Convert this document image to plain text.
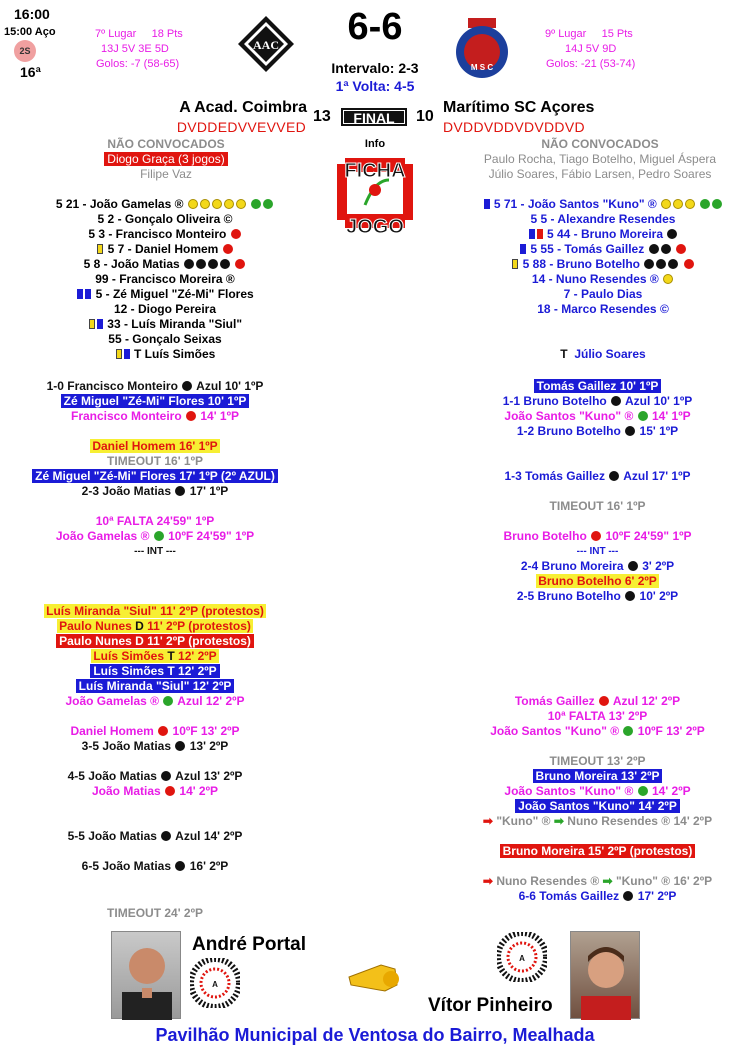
16:00
15:00 Aço
2S
16ª
7º Lugar 18 Pts
13J 5V 3E 5D
Golos: -7 (58-65)
AAC	6-6
Intervalo: 2-3
1ª Volta: 4-5
M S C
9º Lugar 15 Pts
14J 5V 9D
Golos: -21 (53-74)
A Acad. Coimbra
DVDDEDVVEVVED
13	FINAL	10
Marítimo SC Açores
DVDDVDDVDVDDVD
Info
FICHA
JOGO
NÃO CONVOCADOS
Diogo Graça (3 jogos)
Filipe Vaz
NÃO CONVOCADOS
Paulo Rocha, Tiago Botelho, Miguel Áspera
Júlio Soares, Fábio Larsen, Pedro Soares
5 21 - João Gamelas ®
5 2 - Gonçalo Oliveira ©
5 3 - Francisco Monteiro
5 7 - Daniel Homem
5 8 - João Matias
99 - Francisco Moreira ®
5 - Zé Miguel "Zé-Mi" Flores
12 - Diogo Pereira
33 - Luís Miranda "Siul"
55 - Gonçalo Seixas
T Luís Simões
5 71 - João Santos "Kuno" ®
5 5 - Alexandre Resendes
5 44 - Bruno Moreira
5 55 - Tomás Gaillez
5 88 - Bruno Botelho
14 - Nuno Resendes ®
7 - Paulo Dias
18 - Marco Resendes ©
T Júlio Soares
1-0 Francisco Monteiro Azul 10' 1ºP
Zé Miguel "Zé-Mi" Flores 10' 1ºP
Francisco Monteiro 14' 1ºP
Daniel Homem 16' 1ºP
TIMEOUT 16' 1ºP
Zé Miguel "Zé-Mi" Flores 17' 1ºP (2º AZUL)
2-3 João Matias 17' 1ºP
10ª FALTA 24'59" 1ºP
João Gamelas ® 10ºF 24'59" 1ºP
--- INT ---
Luís Miranda "Siul" 11' 2ºP (protestos)
Paulo Nunes D 11' 2ºP (protestos)
Paulo Nunes D 11' 2ºP (protestos)
Luís Simões T 12' 2ºP
Luís Simões T 12' 2ºP
Luís Miranda "Siul" 12' 2ºP
João Gamelas ® Azul 12' 2ºP
Daniel Homem 10ºF 13' 2ºP
3-5 João Matias 13' 2ºP
4-5 João Matias Azul 13' 2ºP
João Matias 14' 2ºP
5-5 João Matias Azul 14' 2ºP
6-5 João Matias 16' 2ºP
TIMEOUT 24' 2ºP
Tomás Gaillez 10' 1ºP
1-1 Bruno Botelho Azul 10' 1ºP
João Santos "Kuno" ® 14' 1ºP
1-2 Bruno Botelho 15' 1ºP
1-3 Tomás Gaillez Azul 17' 1ºP
TIMEOUT 16' 1ºP
Bruno Botelho 10ºF 24'59" 1ºP
--- INT ---
2-4 Bruno Moreira 3' 2ºP
Bruno Botelho 6' 2ºP
2-5 Bruno Botelho 10' 2ºP
Tomás Gaillez Azul 12' 2ºP
10ª FALTA 13' 2ºP
João Santos "Kuno" ® 10ºF 13' 2ºP
TIMEOUT 13' 2ºP
Bruno Moreira 13' 2ºP
João Santos "Kuno" ® 14' 2ºP
João Santos "Kuno" 14' 2ºP
➡ "Kuno" ® ➡ Nuno Resendes ® 14' 2ºP
Bruno Moreira 15' 2ºP (protestos)
➡ Nuno Resendes ® ➡ "Kuno" ® 16' 2ºP
6-6 Tomás Gaillez 17' 2ºP
André Portal
A
A
Vítor Pinheiro
Pavilhão Municipal de Ventosa do Bairro, Mealhada
